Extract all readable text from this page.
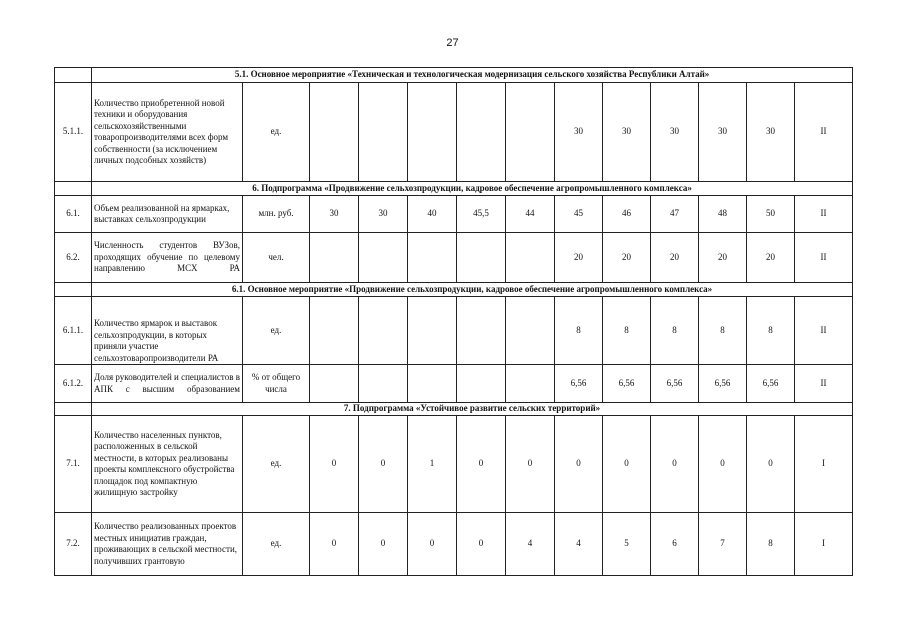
27
	5.1. Основное мероприятие «Техническая и технологическая модернизация сельского хозяйства Республики Алтай»												
5.1.1.	Количество приобретенной новой техники и оборудования сельскохозяйственными товаропроизводителями всех форм собственности (за исключением личных подсобных хозяйств)	ед.						30	30	30	30	30	II
	6. Подпрограмма «Продвижение сельхозпродукции, кадровое обеспечение агропромышленного комплекса»												
6.1.	Объем реализованной на ярмарках, выставках сельхозпродукции	млн. руб.	30	30	40	45,5	44	45	46	47	48	50	II
6.2.	Численность студентов ВУЗов, проходящих обучение по целевому направлению МСХ РА	чел.						20	20	20	20	20	II
	6.1. Основное мероприятие «Продвижение сельхозпродукции, кадровое обеспечение агропромышленного комплекса»												
6.1.1.	Количество ярмарок и выставок сельхозпродукции, в которых приняли участие сельхозтоваропроизводители РА	ед.						8	8	8	8	8	II
6.1.2.	Доля руководителей и специалистов в АПК с высшим образованием	% от общего числа						6,56	6,56	6,56	6,56	6,56	II
	7. Подпрограмма «Устойчивое развитие сельских территорий»												
7.1.	Количество населенных пунктов, расположенных в сельской местности, в которых реализованы проекты комплексного обустройства площадок под компактную жилищную застройку	ед.	0	0	1	0	0	0	0	0	0	0	I
7.2.	Количество реализованных проектов местных инициатив граждан, проживающих в сельской местности, получивших грантовую	ед.	0	0	0	0	4	4	5	6	7	8	I
